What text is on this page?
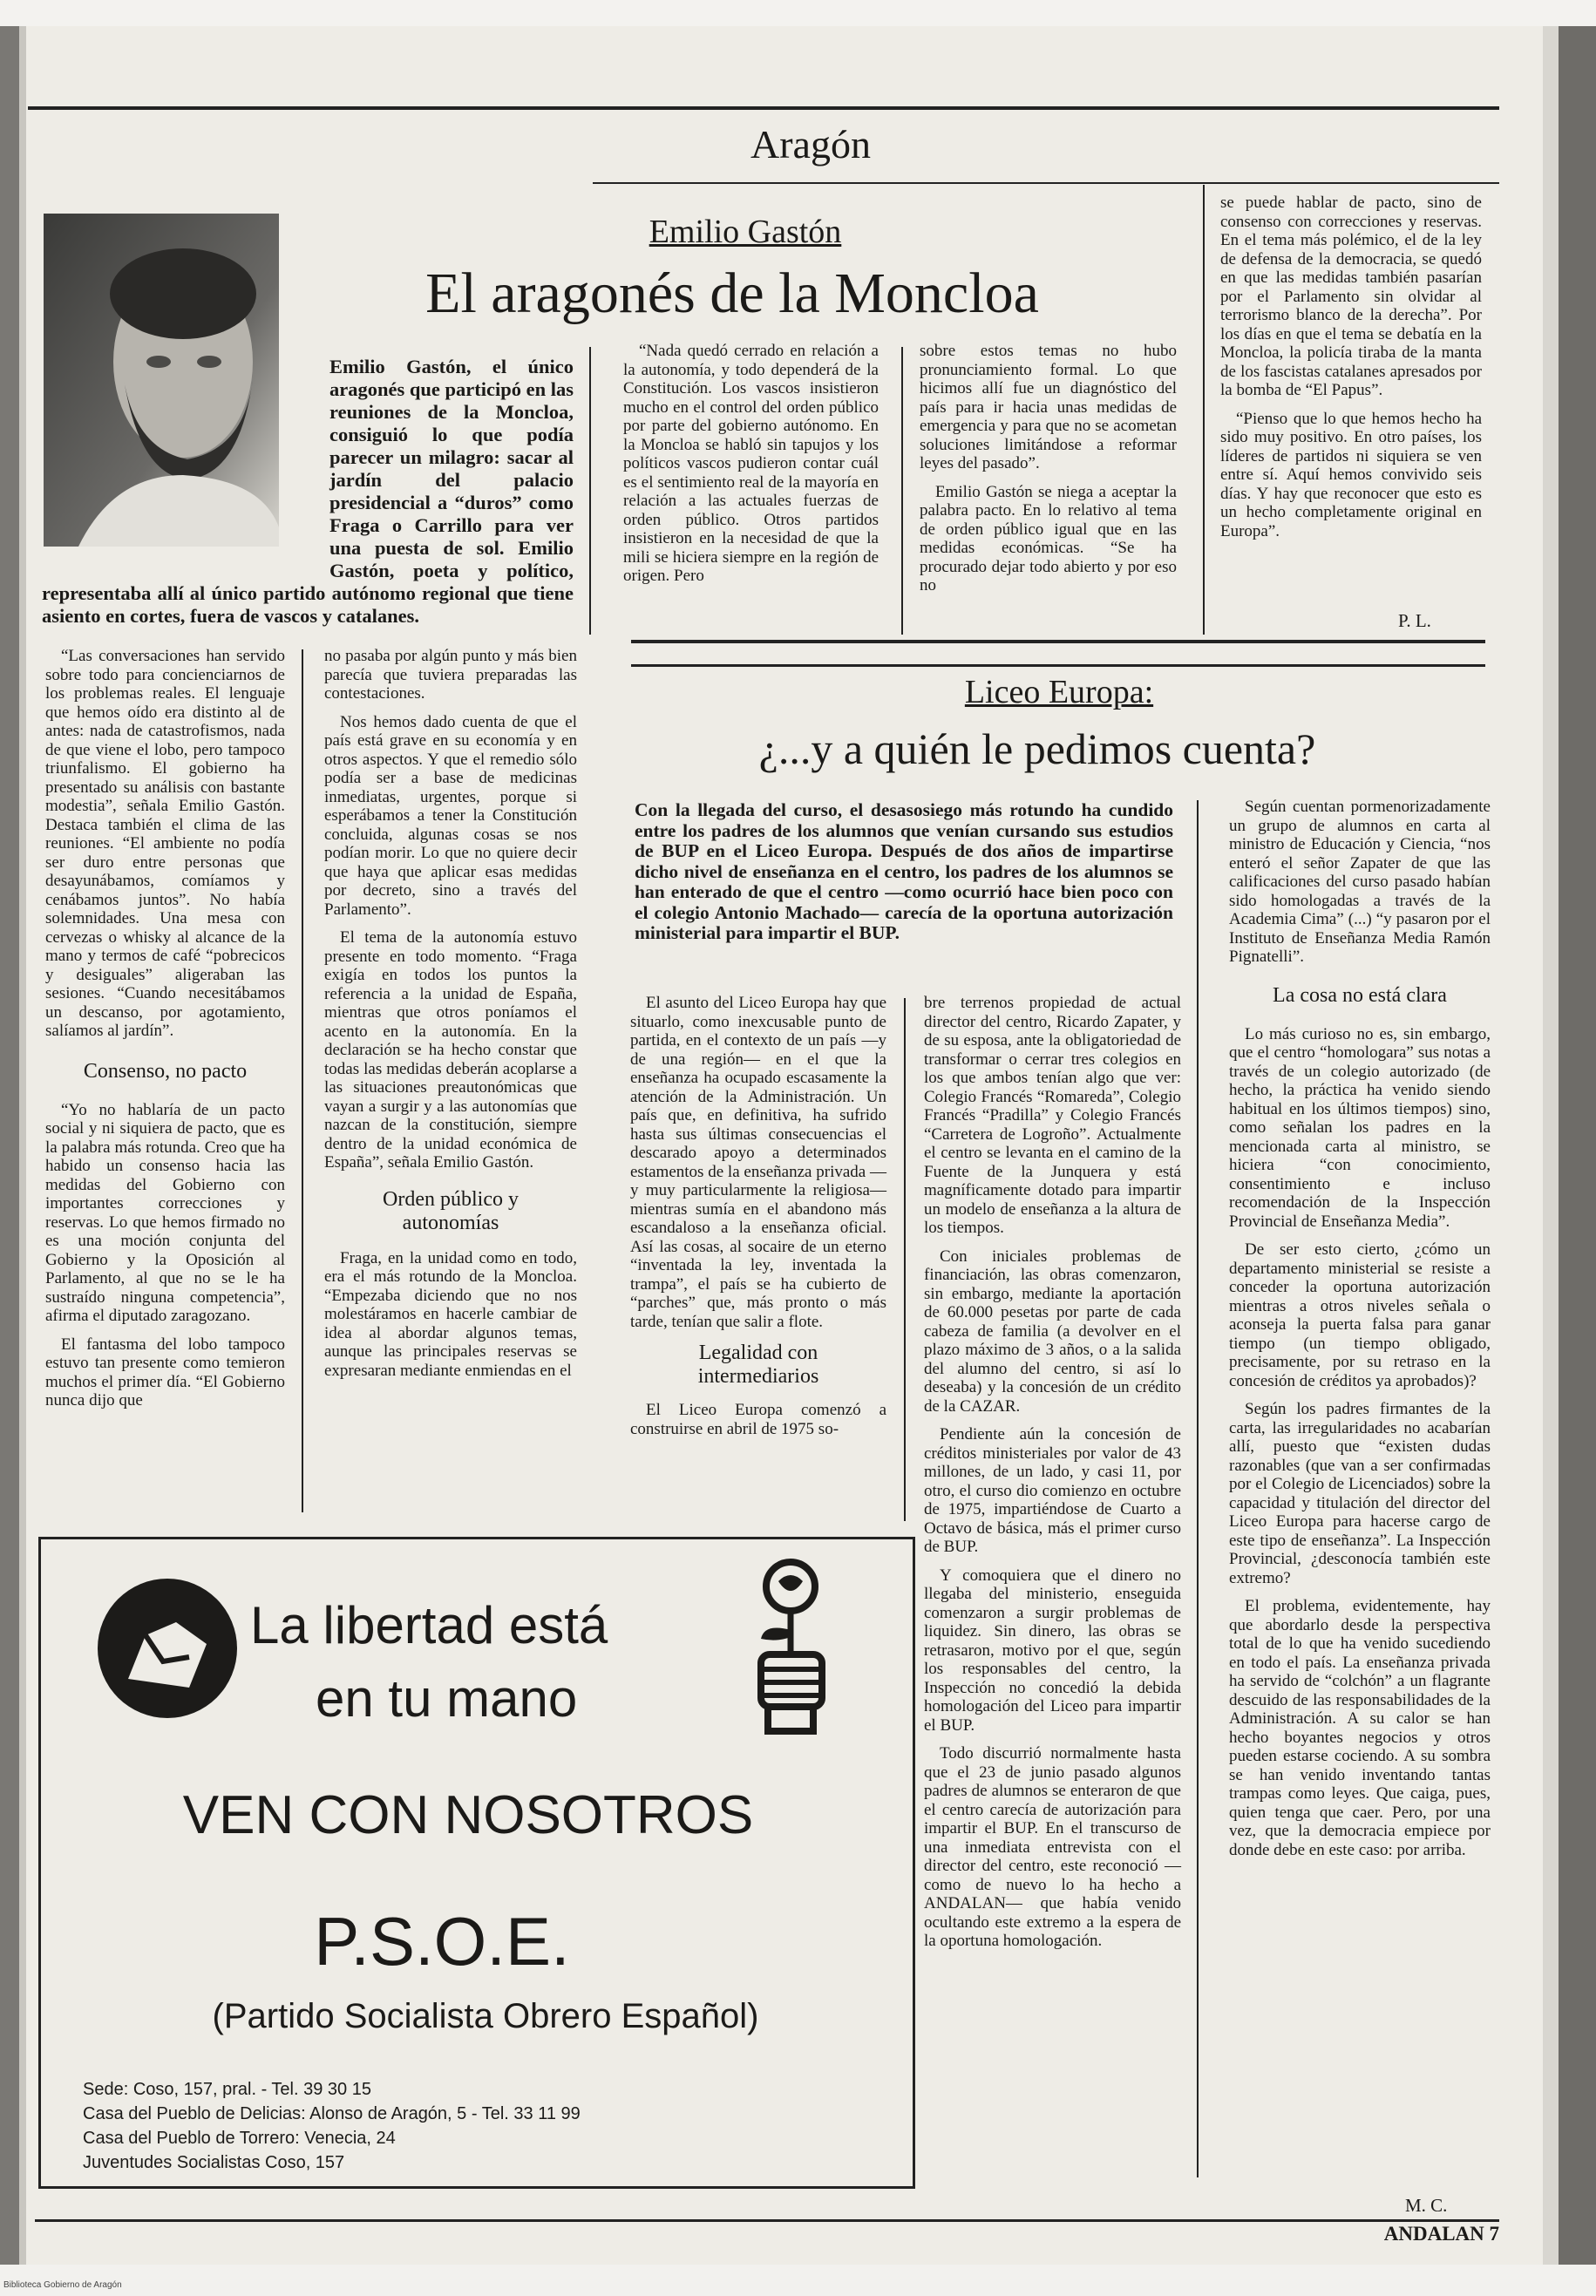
Aragón
Emilio Gastón
El aragonés de la Moncloa
Emilio Gastón, el único aragonés que participó en las reuniones de la Moncloa, consiguió lo que podía parecer un milagro: sacar al jardín del palacio presidencial a “duros” como Fraga o Carrillo para ver una puesta de sol. Emilio Gastón, poeta y político, representaba allí al único partido autónomo regional que tiene asiento en cortes, fuera de vascos y catalanes.

“Nada quedó cerrado en relación a la autonomía, y todo dependerá de la Constitución. Los vascos insistieron mucho en el control del orden público por parte del gobierno autónomo. En la Moncloa se habló sin tapujos y los políticos vascos pudieron contar cuál es el sentimiento real de la mayoría en relación a las actuales fuerzas de orden público. Otros partidos insistieron en la necesidad de que la mili se hiciera siempre en la región de origen. Pero

sobre estos temas no hubo pronunciamiento formal. Lo que hicimos allí fue un diagnóstico del país para ir hacia unas medidas de emergencia y para que no se acometan soluciones limitándose a reformar leyes del pasado”.

Emilio Gastón se niega a aceptar la palabra pacto. En lo relativo al tema de orden público igual que en las medidas económicas. “Se ha procurado dejar todo abierto y por eso no

se puede hablar de pacto, sino de consenso con correcciones y reservas. En el tema más polémico, el de la ley de defensa de la democracia, se quedó en que las medidas también pasarían por el Parlamento sin olvidar al terrorismo blanco de la derecha”. Por los días en que el tema se debatía en la Moncloa, la policía tiraba de la manta de los fascistas catalanes apresados por la bomba de “El Papus”.

“Pienso que lo que hemos hecho ha sido muy positivo. En otro países, los líderes de partidos ni siquiera se ven entre sí. Aquí hemos convivido seis días. Y hay que reconocer que esto es un hecho completamente original en Europa”.

P. L.

“Las conversaciones han servido sobre todo para concienciarnos de los problemas reales. El lenguaje que hemos oído era distinto al de antes: nada de catastrofismos, nada de que viene el lobo, pero tampoco triunfalismo. El gobierno ha presentado su análisis con bastante modestia”, señala Emilio Gastón. Destaca también el clima de las reuniones. “El ambiente no podía ser duro entre personas que desayunábamos, comíamos y cenábamos juntos”. No había solemnidades. Una mesa con cervezas o whisky al alcance de la mano y termos de café “pobrecicos y desiguales” aligeraban las sesiones. “Cuando necesitábamos un descanso, por agotamiento, salíamos al jardín”.

Consenso, no pacto

“Yo no hablaría de un pacto social y ni siquiera de pacto, que es la palabra más rotunda. Creo que ha habido un consenso hacia las medidas del Gobierno con importantes correcciones y reservas. Lo que hemos firmado no es una moción conjunta del Gobierno y la Oposición al Parlamento, al que no se le ha sustraído ninguna competencia”, afirma el diputado zaragozano.

El fantasma del lobo tampoco estuvo tan presente como temieron muchos el primer día. “El Gobierno nunca dijo que

no pasaba por algún punto y más bien parecía que tuviera preparadas las contestaciones.

Nos hemos dado cuenta de que el país está grave en su economía y en otros aspectos. Y que el remedio sólo podía ser a base de medicinas inmediatas, urgentes, porque si esperábamos a tener la Constitución concluida, algunas cosas se nos podían morir. Lo que no quiere decir que haya que aplicar esas medidas por decreto, sino a través del Parlamento”.

El tema de la autonomía estuvo presente en todo momento. “Fraga exigía en todos los puntos la referencia a la unidad de España, mientras que otros poníamos el acento en la autonomía. En la declaración se ha hecho constar que todas las medidas deberán acoplarse a las situaciones preautonómicas que vayan a surgir y a las autonomías que nazcan de la constitución, siempre dentro de la unidad económica de España”, señala Emilio Gastón.

Orden público y autonomías

Fraga, en la unidad como en todo, era el más rotundo de la Moncloa. “Empezaba diciendo que no nos molestáramos en hacerle cambiar de idea al abordar algunos temas, aunque las principales reservas se expresaran mediante enmiendas en el

Liceo Europa:
¿...y a quién le pedimos cuenta?
Con la llegada del curso, el desasosiego más rotundo ha cundido entre los padres de los alumnos que venían cursando sus estudios de BUP en el Liceo Europa. Después de dos años de impartirse dicho nivel de enseñanza en el centro, los padres de los alumnos se han enterado de que el centro —como ocurrió hace bien poco con el colegio Antonio Machado— carecía de la oportuna autorización ministerial para impartir el BUP.

El asunto del Liceo Europa hay que situarlo, como inexcusable punto de partida, en el contexto de un país —y de una región— en el que la enseñanza ha ocupado escasamente la atención de la Administración. Un país que, en definitiva, ha sufrido hasta sus últimas consecuencias el descarado apoyo a determinados estamentos de la enseñanza privada —y muy particularmente la religiosa— mientras sumía en el abandono más escandaloso a la enseñanza oficial. Así las cosas, al socaire de un eterno “inventada la ley, inventada la trampa”, el país se ha cubierto de “parches” que, más pronto o más tarde, tenían que salir a flote.

Legalidad con intermediarios

El Liceo Europa comenzó a construirse en abril de 1975 so-

bre terrenos propiedad de actual director del centro, Ricardo Zapater, y de su esposa, ante la obligatoriedad de transformar o cerrar tres colegios en los que ambos tenían algo que ver: Colegio Francés “Romareda”, Colegio Francés “Pradilla” y Colegio Francés “Carretera de Logroño”. Actualmente el centro se levanta en el camino de la Fuente de la Junquera y está magníficamente dotado para impartir un modelo de enseñanza a la altura de los tiempos.

Con iniciales problemas de financiación, las obras comenzaron, sin embargo, mediante la aportación de 60.000 pesetas por parte de cada cabeza de familia (a devolver en el plazo máximo de 3 años, o a la salida del alumno del centro, si así lo deseaba) y la concesión de un crédito de la CAZAR.

Pendiente aún la concesión de créditos ministeriales por valor de 43 millones, de un lado, y casi 11, por otro, el curso dio comienzo en octubre de 1975, impartiéndose de Cuarto a Octavo de básica, más el primer curso de BUP.

Y comoquiera que el dinero no llegaba del ministerio, enseguida comenzaron a surgir problemas de liquidez. Sin dinero, las obras se retrasaron, motivo por el que, según los responsables del centro, la Inspección no concedió la debida homologación del Liceo para impartir el BUP.

Todo discurrió normalmente hasta que el 23 de junio pasado algunos padres de alumnos se enteraron de que el centro carecía de autorización para impartir el BUP. En el transcurso de una inmediata entrevista con el director del centro, este reconoció —como de nuevo lo ha hecho a ANDALAN— que había venido ocultando este extremo a la espera de la oportuna homologación.

Según cuentan pormenorizadamente un grupo de alumnos en carta al ministro de Educación y Ciencia, “nos enteró el señor Zapater de que las calificaciones del curso pasado habían sido homologadas a través de la Academia Cima” (...) “y pasaron por el Instituto de Enseñanza Media Ramón Pignatelli”.

La cosa no está clara

Lo más curioso no es, sin embargo, que el centro “homologara” sus notas a través de un colegio autorizado (de hecho, la práctica ha venido siendo habitual en los últimos tiempos) sino, como señalan los padres en la mencionada carta al ministro, se hiciera “con conocimiento, consentimiento e incluso recomendación de la Inspección Provincial de Enseñanza Media”.

De ser esto cierto, ¿cómo un departamento ministerial se resiste a conceder la oportuna autorización mientras a otros niveles señala o aconseja la puerta falsa para ganar tiempo (un tiempo obligado, precisamente, por su retraso en la concesión de créditos ya aprobados)?

Según los padres firmantes de la carta, las irregularidades no acabarían allí, puesto que “existen dudas razonables (que van a ser confirmadas por el Colegio de Licenciados) sobre la capacidad y titulación del director del Liceo Europa para hacerse cargo de este tipo de enseñanza”. La Inspección Provincial, ¿desconocía también este extremo?

El problema, evidentemente, hay que abordarlo desde la perspectiva total de lo que ha venido sucediendo en todo el país. La enseñanza privada ha servido de “colchón” a un flagrante descuido de las responsabilidades de la Administración. A su calor se han hecho boyantes negocios y otros pueden estarse cociendo. A su sombra se han venido inventando tantas trampas como leyes. Que caiga, pues, quien tenga que caer. Pero, por una vez, que la democracia empiece por donde debe en este caso: por arriba.

M. C.
La libertad está
en tu mano
VEN CON NOSOTROS
P.S.O.E.
(Partido Socialista Obrero Español)
Sede: Coso, 157, pral. - Tel. 39 30 15
Casa del Pueblo de Delicias: Alonso de Aragón, 5 - Tel. 33 11 99
Casa del Pueblo de Torrero: Venecia, 24
Juventudes Socialistas Coso, 157
ANDALAN 7
Biblioteca Gobierno de Aragón
